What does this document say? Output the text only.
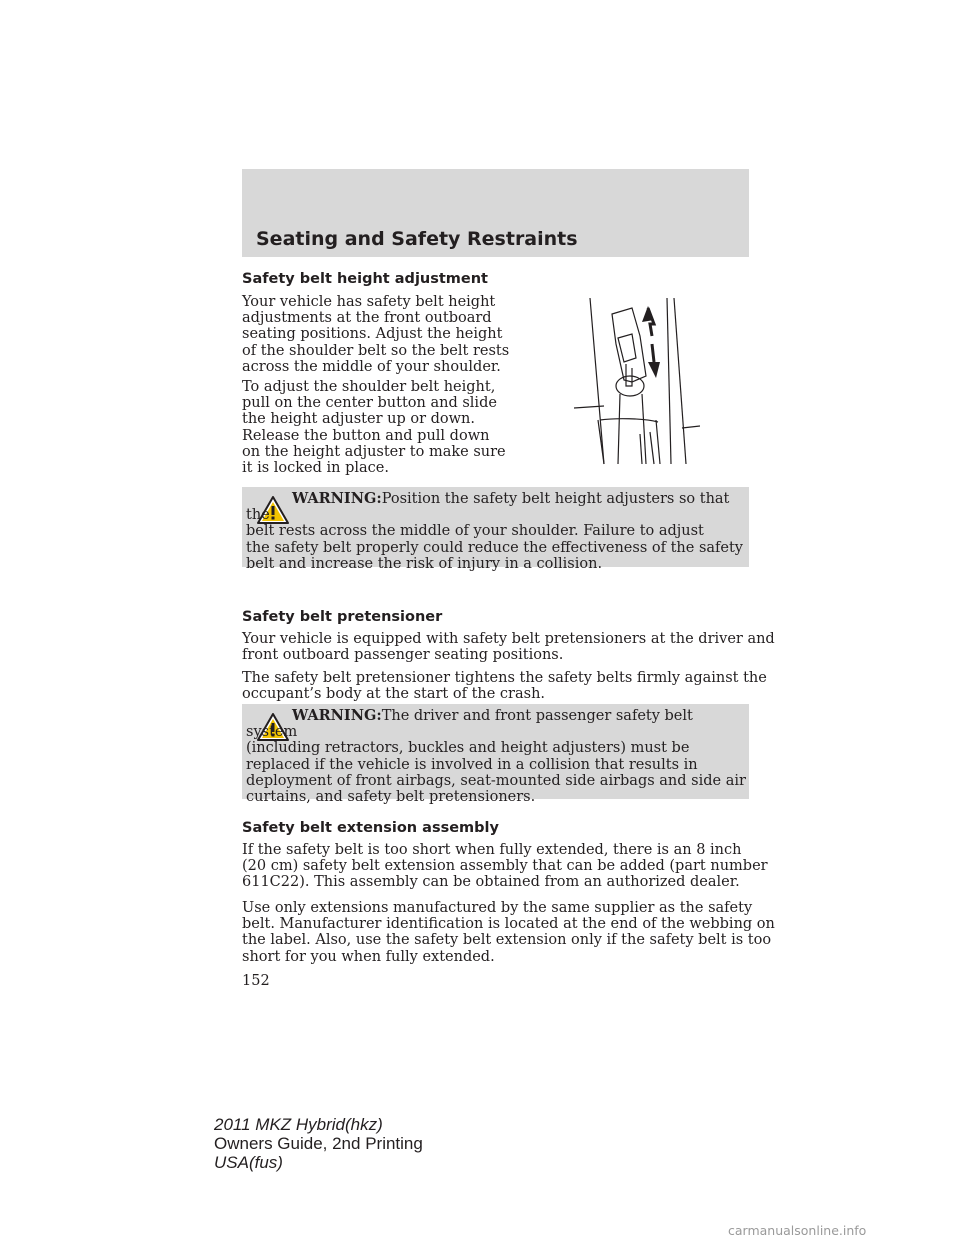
Seating and Safety Restraints
Safety belt height adjustment

Your vehicle has safety belt height
adjustments at the front outboard
seating positions. Adjust the height
of the shoulder belt so the belt rests
across the middle of your shoulder.

To adjust the shoulder belt height,
pull on the center button and slide
the height adjuster up or down.
Release the button and pull down
on the height adjuster to make sure
it is locked in place.

WARNING:Position the safety belt height adjusters so that the
belt rests across the middle of your shoulder. Failure to adjust
the safety belt properly could reduce the effectiveness of the safety
belt and increase the risk of injury in a collision.

Safety belt pretensioner

Your vehicle is equipped with safety belt pretensioners at the driver and
front outboard passenger seating positions.

The safety belt pretensioner tightens the safety belts firmly against the
occupant’s body at the start of the crash.

WARNING:The driver and front passenger safety belt system
(including retractors, buckles and height adjusters) must be
replaced if the vehicle is involved in a collision that results in
deployment of front airbags, seat-mounted side airbags and side air
curtains, and safety belt pretensioners.

Safety belt extension assembly

If the safety belt is too short when fully extended, there is an 8 inch
(20 cm) safety belt extension assembly that can be added (part number
611C22). This assembly can be obtained from an authorized dealer.

Use only extensions manufactured by the same supplier as the safety
belt. Manufacturer identification is located at the end of the webbing on
the label. Also, use the safety belt extension only if the safety belt is too
short for you when fully extended.

152

2011 MKZ Hybrid(hkz)
Owners Guide, 2nd Printing
USA(fus)

carmanualsonline.info
